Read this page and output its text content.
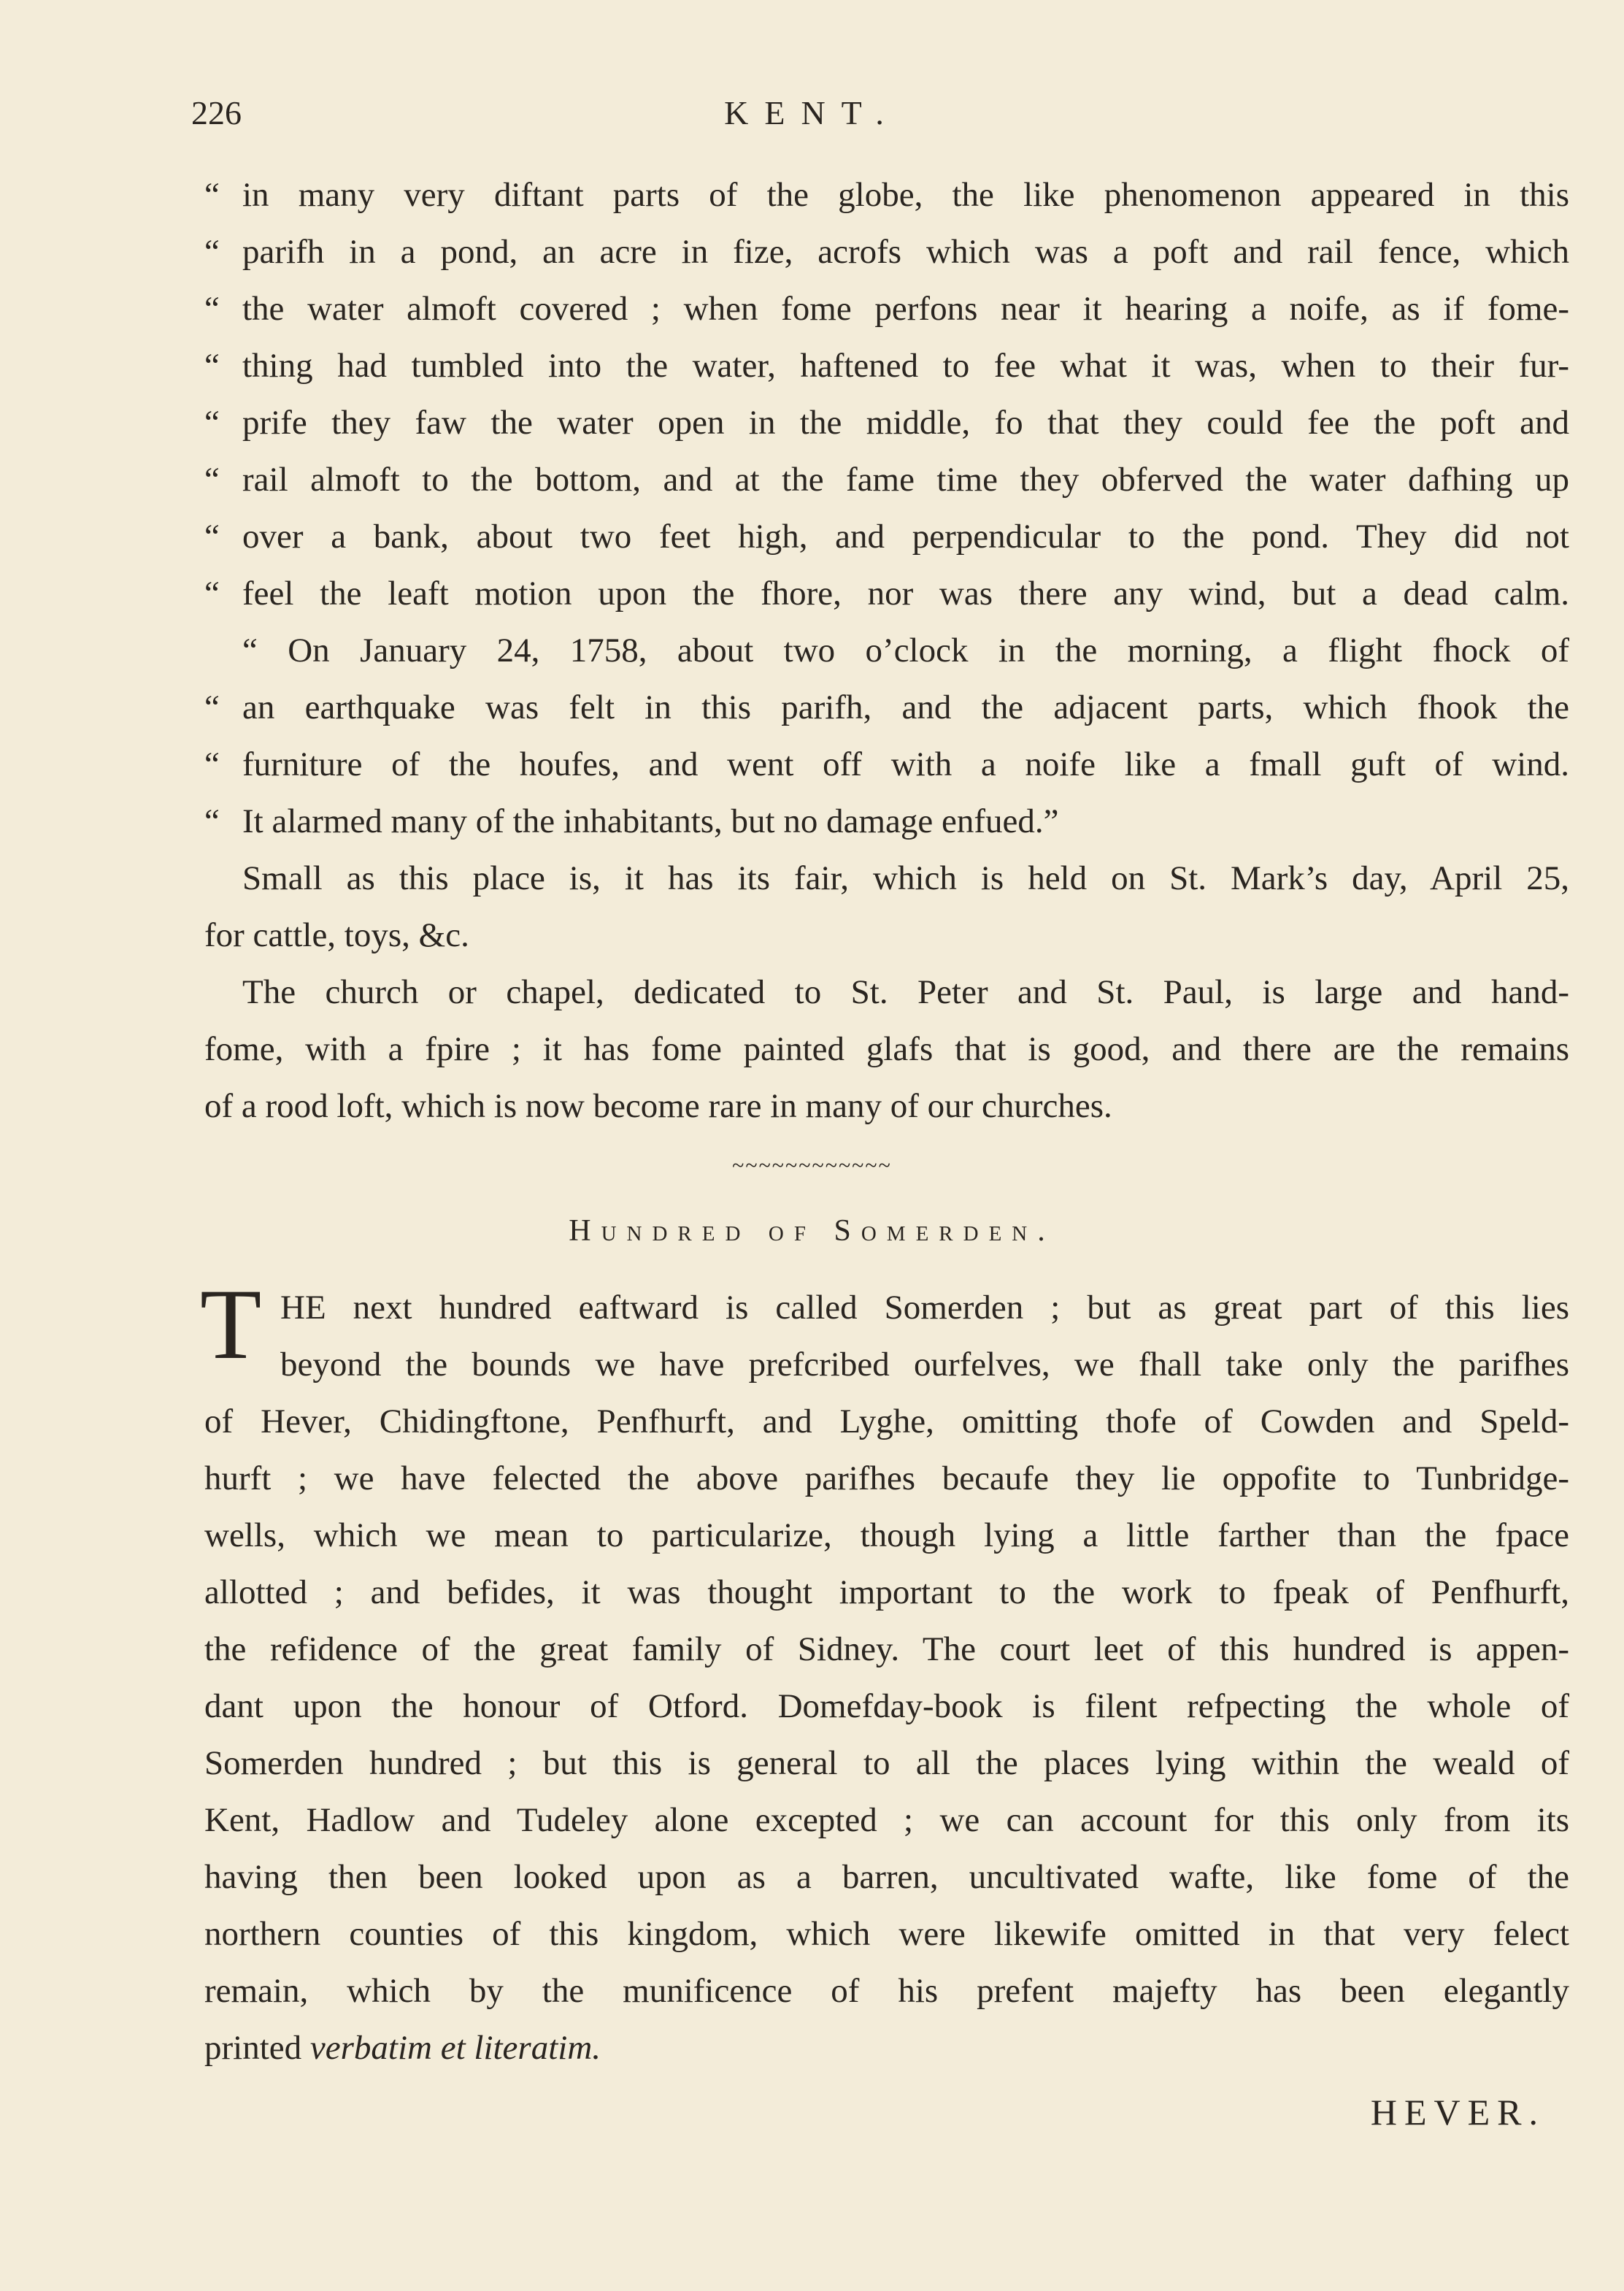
226	KENT.
“ in many very diftant parts of the globe, the like phenomenon appeared in this
“ parifh in a pond, an acre in fize, acrofs which was a poft and rail fence, which
“ the water almoft covered ; when fome perfons near it hearing a noife, as if fome-
“ thing had tumbled into the water, haftened to fee what it was, when to their fur-
“ prife they faw the water open in the middle, fo that they could fee the poft and
“ rail almoft to the bottom, and at the fame time they obferved the water dafhing up
“ over a bank, about two feet high, and perpendicular to the pond. They did not
“ feel the leaft motion upon the fhore, nor was there any wind, but a dead calm.
“ On January 24, 1758, about two o’clock in the morning, a flight fhock of
“ an earthquake was felt in this parifh, and the adjacent parts, which fhook the
“ furniture of the houfes, and went off with a noife like a fmall guft of wind.
“ It alarmed many of the inhabitants, but no damage enfued.”
Small as this place is, it has its fair, which is held on St. Mark’s day, April 25,
for cattle, toys, &c.
The church or chapel, dedicated to St. Peter and St. Paul, is large and hand-
fome, with a fpire ; it has fome painted glafs that is good, and there are the remains
of a rood loft, which is now become rare in many of our churches.
~~~~~~~~~~~~
Hundred of Somerden.
T HE next hundred eaftward is called Somerden ; but as great part of this lies
beyond the bounds we have prefcribed ourfelves, we fhall take only the parifhes
of Hever, Chidingftone, Penfhurft, and Lyghe, omitting thofe of Cowden and Speld-
hurft ; we have felected the above parifhes becaufe they lie oppofite to Tunbridge-
wells, which we mean to particularize, though lying a little farther than the fpace
allotted ; and befides, it was thought important to the work to fpeak of Penfhurft,
the refidence of the great family of Sidney. The court leet of this hundred is appen-
dant upon the honour of Otford. Domefday-book is filent refpecting the whole of
Somerden hundred ; but this is general to all the places lying within the weald of
Kent, Hadlow and Tudeley alone excepted ; we can account for this only from its
having then been looked upon as a barren, uncultivated wafte, like fome of the
northern counties of this kingdom, which were likewife omitted in that very felect
remain, which by the munificence of his prefent majefty has been elegantly
printed verbatim et literatim.
HEVER.
